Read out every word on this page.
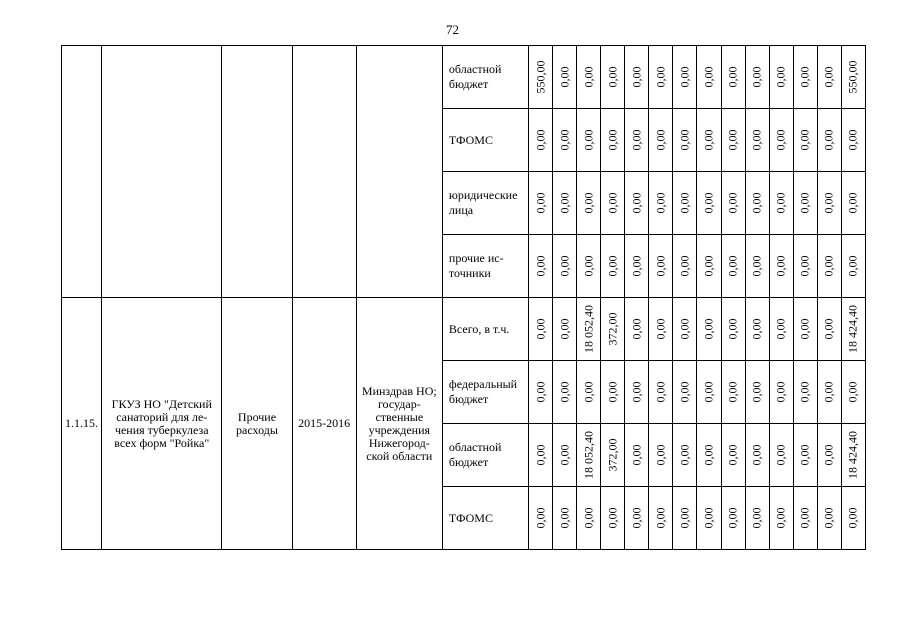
72
					областной бюджет	550,00	0,00	0,00	0,00	0,00	0,00	0,00	0,00	0,00	0,00	0,00	0,00	0,00	550,00

					ТФОМС	0,00	0,00	0,00	0,00	0,00	0,00	0,00	0,00	0,00	0,00	0,00	0,00	0,00	0,00

					юридические лица	0,00	0,00	0,00	0,00	0,00	0,00	0,00	0,00	0,00	0,00	0,00	0,00	0,00	0,00

					прочие ис-точники	0,00	0,00	0,00	0,00	0,00	0,00	0,00	0,00	0,00	0,00	0,00	0,00	0,00	0,00

1.1.15.	ГКУЗ НО "Детский санаторий для ле-чения туберкулеза всех форм "Ройка"	Прочие расходы	2015-2016	Минздрав НО; государ-ственные учреждения Нижегород-ской области	Всего, в т.ч.	0,00	0,00	18 052,40	372,00	0,00	0,00	0,00	0,00	0,00	0,00	0,00	0,00	0,00	18 424,40

					федеральный бюджет	0,00	0,00	0,00	0,00	0,00	0,00	0,00	0,00	0,00	0,00	0,00	0,00	0,00	0,00

					областной бюджет	0,00	0,00	18 052,40	372,00	0,00	0,00	0,00	0,00	0,00	0,00	0,00	0,00	0,00	18 424,40

					ТФОМС	0,00	0,00	0,00	0,00	0,00	0,00	0,00	0,00	0,00	0,00	0,00	0,00	0,00	0,00
